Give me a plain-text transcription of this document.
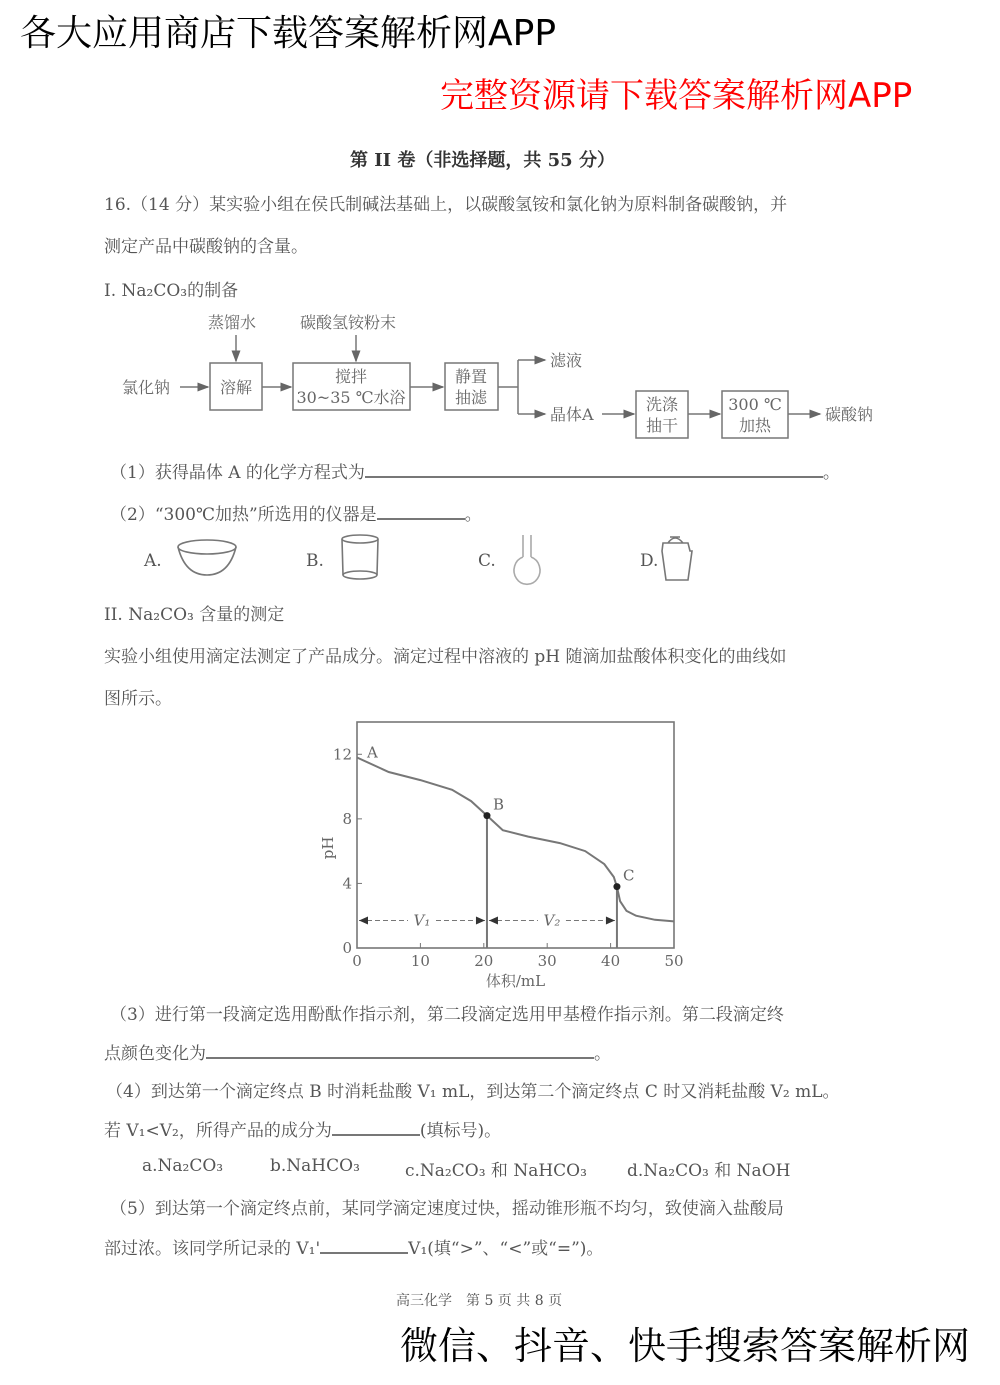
第 II 卷（非选择题，共 55 分）
16.（14 分）某实验小组在侯氏制碱法基础上，以碳酸氢铵和氯化钠为原料制备碳酸钠，并
测定产品中碳酸钠的含量。
I. Na₂CO₃的制备
氯化钠
蒸馏水	碳酸氢铵粉末
溶解
搅拌
30~35 ℃水浴
静置
抽滤
滤液
晶体A
洗涤
抽干
300 ℃
加热
碳酸钠
（1）获得晶体 A 的化学方程式为	。
（2）“300℃加热”所选用的仪器是	。
A.	B.	C.	D.
II. Na₂CO₃ 含量的测定
实验小组使用滴定法测定了产品成分。滴定过程中溶液的 pH 随滴加盐酸体积变化的曲线如
图所示。
0	10	20	30	40	50
0
4
8
12
体积/mL
pH
A
B
C
V₁	V₂
（3）进行第一段滴定选用酚酞作指示剂，第二段滴定选用甲基橙作指示剂。第二段滴定终
点颜色变化为	。
（4）到达第一个滴定终点 B 时消耗盐酸 V₁ mL，到达第二个滴定终点 C 时又消耗盐酸 V₂ mL。
若 V₁<V₂，所得产品的成分为	(填标号)。
a.Na₂CO₃	b.NaHCO₃	c.Na₂CO₃ 和 NaHCO₃ d.Na₂CO₃ 和 NaOH
（5）到达第一个滴定终点前，某同学滴定速度过快，摇动锥形瓶不均匀，致使滴入盐酸局
部过浓。该同学所记录的 V₁'	V₁(填“>”、“<”或“=”)。
高三化学　第 5 页 共 8 页
各大应用商店下载答案解析网APP
完整资源请下载答案解析网APP
微信、抖音、快手搜索答案解析网
